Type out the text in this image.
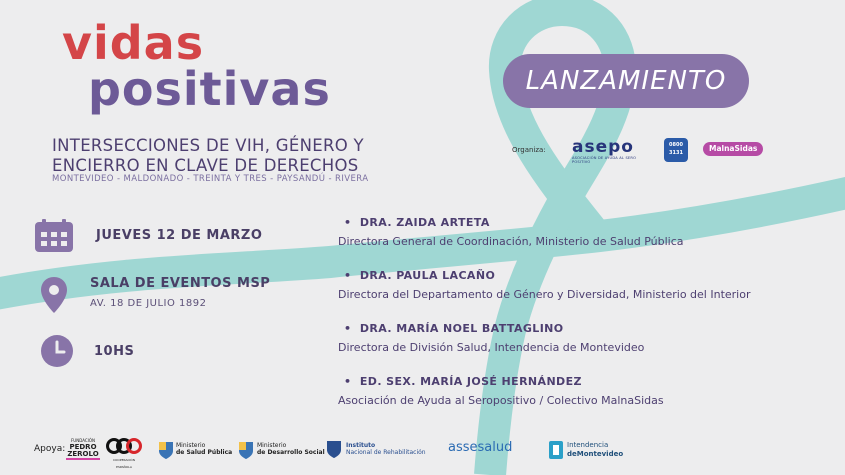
vidas
positivas
INTERSECCIONES DE VIH, GÉNERO Y
ENCIERRO EN CLAVE DE DERECHOS
MONTEVIDEO - MALDONADO - TREINTA Y TRES - PAYSANDÚ - RIVERA
LANZAMIENTO
Organiza: asepo
ASOCIACIÓN DE AYUDA AL SERO POSITIVO
0800
3131	MalnaSidas
JUEVES 12 DE MARZO
SALA DE EVENTOS MSP
AV. 18 DE JULIO 1892
10HS
•  DRA. ZAIDA ARTETA
Directora General de Coordinación, Ministerio de Salud Pública
•  DRA. PAULA LACAÑO
Directora del Departamento de Género y Diversidad, Ministerio del Interior
•  DRA. MARÍA NOEL BATTAGLINO
Directora de División Salud, Intendencia de Montevideo
•  ED. SEX. MARÍA JOSÉ HERNÁNDEZ
Asociación de Ayuda al Seropositivo / Colectivo MalnaSidas
Apoya:
FUNDACIÓN
PEDRO
ZEROLO
COOPERACIÓN ESPAÑOLA
Ministerio
de Salud Pública
Ministerio
de Desarrollo Social
Instituto
Nacional de Rehabilitación assesalud	Intendencia
deMontevideo
